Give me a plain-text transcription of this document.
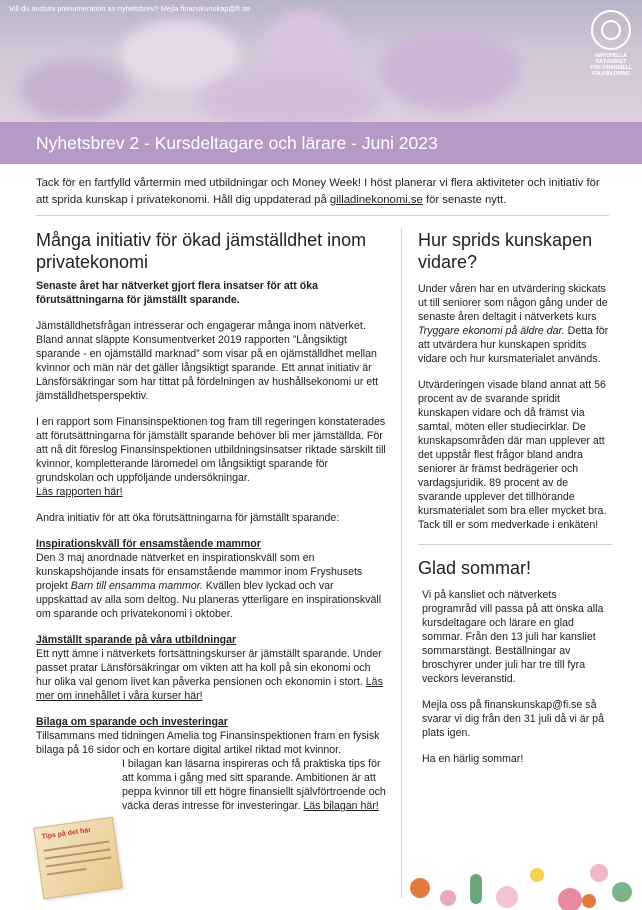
Vill du avsluta prenumeration av nyhetsbrev? Mejla finanskunskap@fi.se
NATIONELLA
NÄTVERKET
FÖR FINANSIELL
FOLKBILDNING
Nyhetsbrev 2 - Kursdeltagare och lärare - Juni 2023
Tack för en fartfylld vårtermin med utbildningar och Money Week! I höst planerar vi flera aktiviteter och initiativ för att sprida kunskap i privatekonomi. Håll dig uppdaterad på gilladinekonomi.se för senaste nytt.
Många initiativ för ökad jämställdhet inom privatekonomi

Senaste året har nätverket gjort flera insatser för att öka förutsättningarna för jämställt sparande.

Jämställdhetsfrågan intresserar och engagerar många inom nätverket. Bland annat släppte Konsumentverket 2019 rapporten ”Långsiktigt sparande - en ojämställd marknad” som visar på en ojämställdhet mellan kvinnor och män när det gäller långsiktigt sparande. Ett annat initiativ är Länsförsäkringar som har tittat på fördelningen av hushållsekonomi ur ett jämställdhetsperspektiv.

I en rapport som Finansinspektionen tog fram till regeringen konstaterades att förutsättningarna för jämställt sparande behöver bli mer jämställda. För att nå dit föreslog Finansinspektionen utbildningsinsatser riktade särskilt till kvinnor, kompletterande läromedel om långsiktigt sparande för grundskolan och uppföljande undersökningar.
Läs rapporten här!

Andra initiativ för att öka förutsättningarna för jämställt sparande:

Inspirationskväll för ensamstående mammor
Den 3 maj anordnade nätverket en inspirationskväll som en kunskapshöjande insats för ensamstående mammor inom Fryshusets projekt Barn till ensamma mammor. Kvällen blev lyckad och var uppskattad av alla som deltog. Nu planeras ytterligare en inspirationskväll om sparande och privatekonomi i oktober.

Jämställt sparande på våra utbildningar
Ett nytt ämne i nätverkets fortsättningskurser är jämställt sparande. Under passet pratar Länsförsäkringar om vikten att ha koll på sin ekonomi och hur olika val genom livet kan påverka pensionen och ekonomin i stort. Läs mer om innehållet i våra kurser här!

Bilaga om sparande och investeringar
Tillsammans med tidningen Amelia tog Finansinspektionen fram en fysisk bilaga på 16 sidor och en kortare digital artikel riktad mot kvinnor.
I bilagan kan läsarna inspireras och få praktiska tips för att komma i gång med sitt sparande. Ambitionen är att peppa kvinnor till ett högre finansiellt självförtroende och väcka deras intresse för investeringar. Läs bilagan här!
Tips på det här
Hur sprids kunskapen vidare?

Under våren har en utvärdering skickats ut till seniorer som någon gång under de senaste åren deltagit i nätverkets kurs Tryggare ekonomi på äldre dar. Detta för att utvärdera hur kunskapen spridits vidare och hur kursmaterialet används.

Utvärderingen visade bland annat att 56 procent av de svarande spridit kunskapen vidare och då främst via samtal, möten eller studiecirklar. De kunskapsområden där man upplever att det uppstår flest frågor bland andra seniorer är främst bedrägerier och vardagsjuridik. 89 procent av de svarande upplever det tillhörande kursmaterialet som bra eller mycket bra. Tack till er som medverkade i enkäten!

Glad sommar!

Vi på kansliet och nätverkets programråd vill passa på att önska alla kursdeltagare och lärare en glad sommar. Från den 13 juli har kansliet sommarstängt. Beställningar av broschyrer under juli har tre till fyra veckors leveranstid.

Mejla oss på finanskunskap@fi.se så svarar vi dig från den 31 juli då vi är på plats igen.

Ha en härlig sommar!
